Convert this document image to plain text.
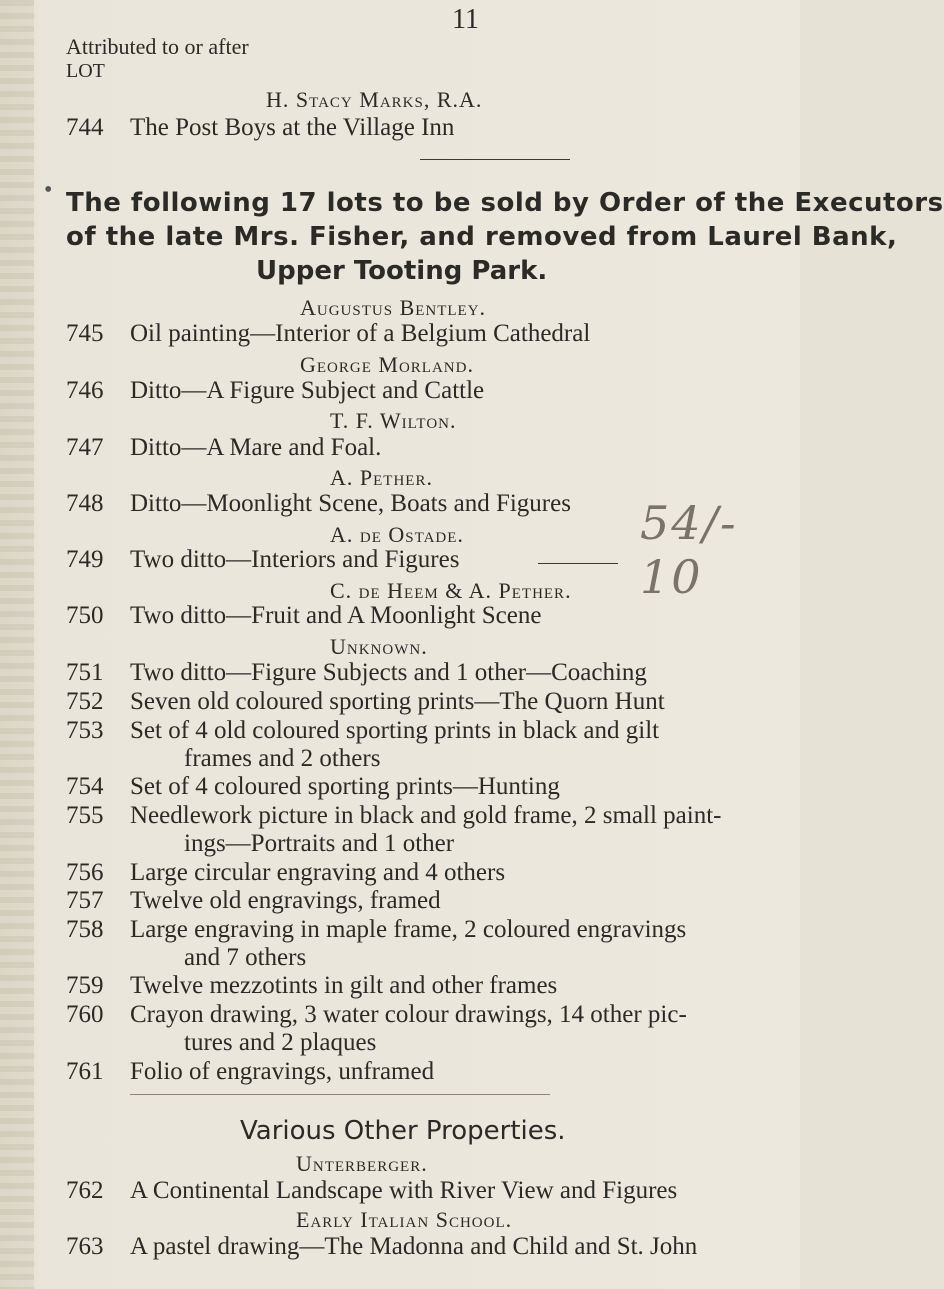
11
Attributed to or after
LOT
H. Stacy Marks, R.A.
744 The Post Boys at the Village Inn
The following 17 lots to be sold by Order of the Executors
of the late Mrs. Fisher, and removed from Laurel Bank,
Upper Tooting Park.
•
Augustus Bentley.
745 Oil painting—Interior of a Belgium Cathedral
George Morland.
746 Ditto—A Figure Subject and Cattle
T. F. Wilton.
747 Ditto—A Mare and Foal.
A. Pether.
748 Ditto—Moonlight Scene, Boats and Figures
A. de Ostade.
749 Two ditto—Interiors and Figures
54/- 10
C. de Heem & A. Pether.
750 Two ditto—Fruit and A Moonlight Scene
Unknown.
751 Two ditto—Figure Subjects and 1 other—Coaching
752 Seven old coloured sporting prints—The Quorn Hunt
753 Set of 4 old coloured sporting prints in black and gilt
frames and 2 others
754 Set of 4 coloured sporting prints—Hunting
755 Needlework picture in black and gold frame, 2 small paint-
ings—Portraits and 1 other
756 Large circular engraving and 4 others
757 Twelve old engravings, framed
758 Large engraving in maple frame, 2 coloured engravings
and 7 others
759 Twelve mezzotints in gilt and other frames
760 Crayon drawing, 3 water colour drawings, 14 other pic-
tures and 2 plaques
761 Folio of engravings, unframed
Various Other Properties.
Unterberger.
762 A Continental Landscape with River View and Figures
Early Italian School.
763 A pastel drawing—The Madonna and Child and St. John
